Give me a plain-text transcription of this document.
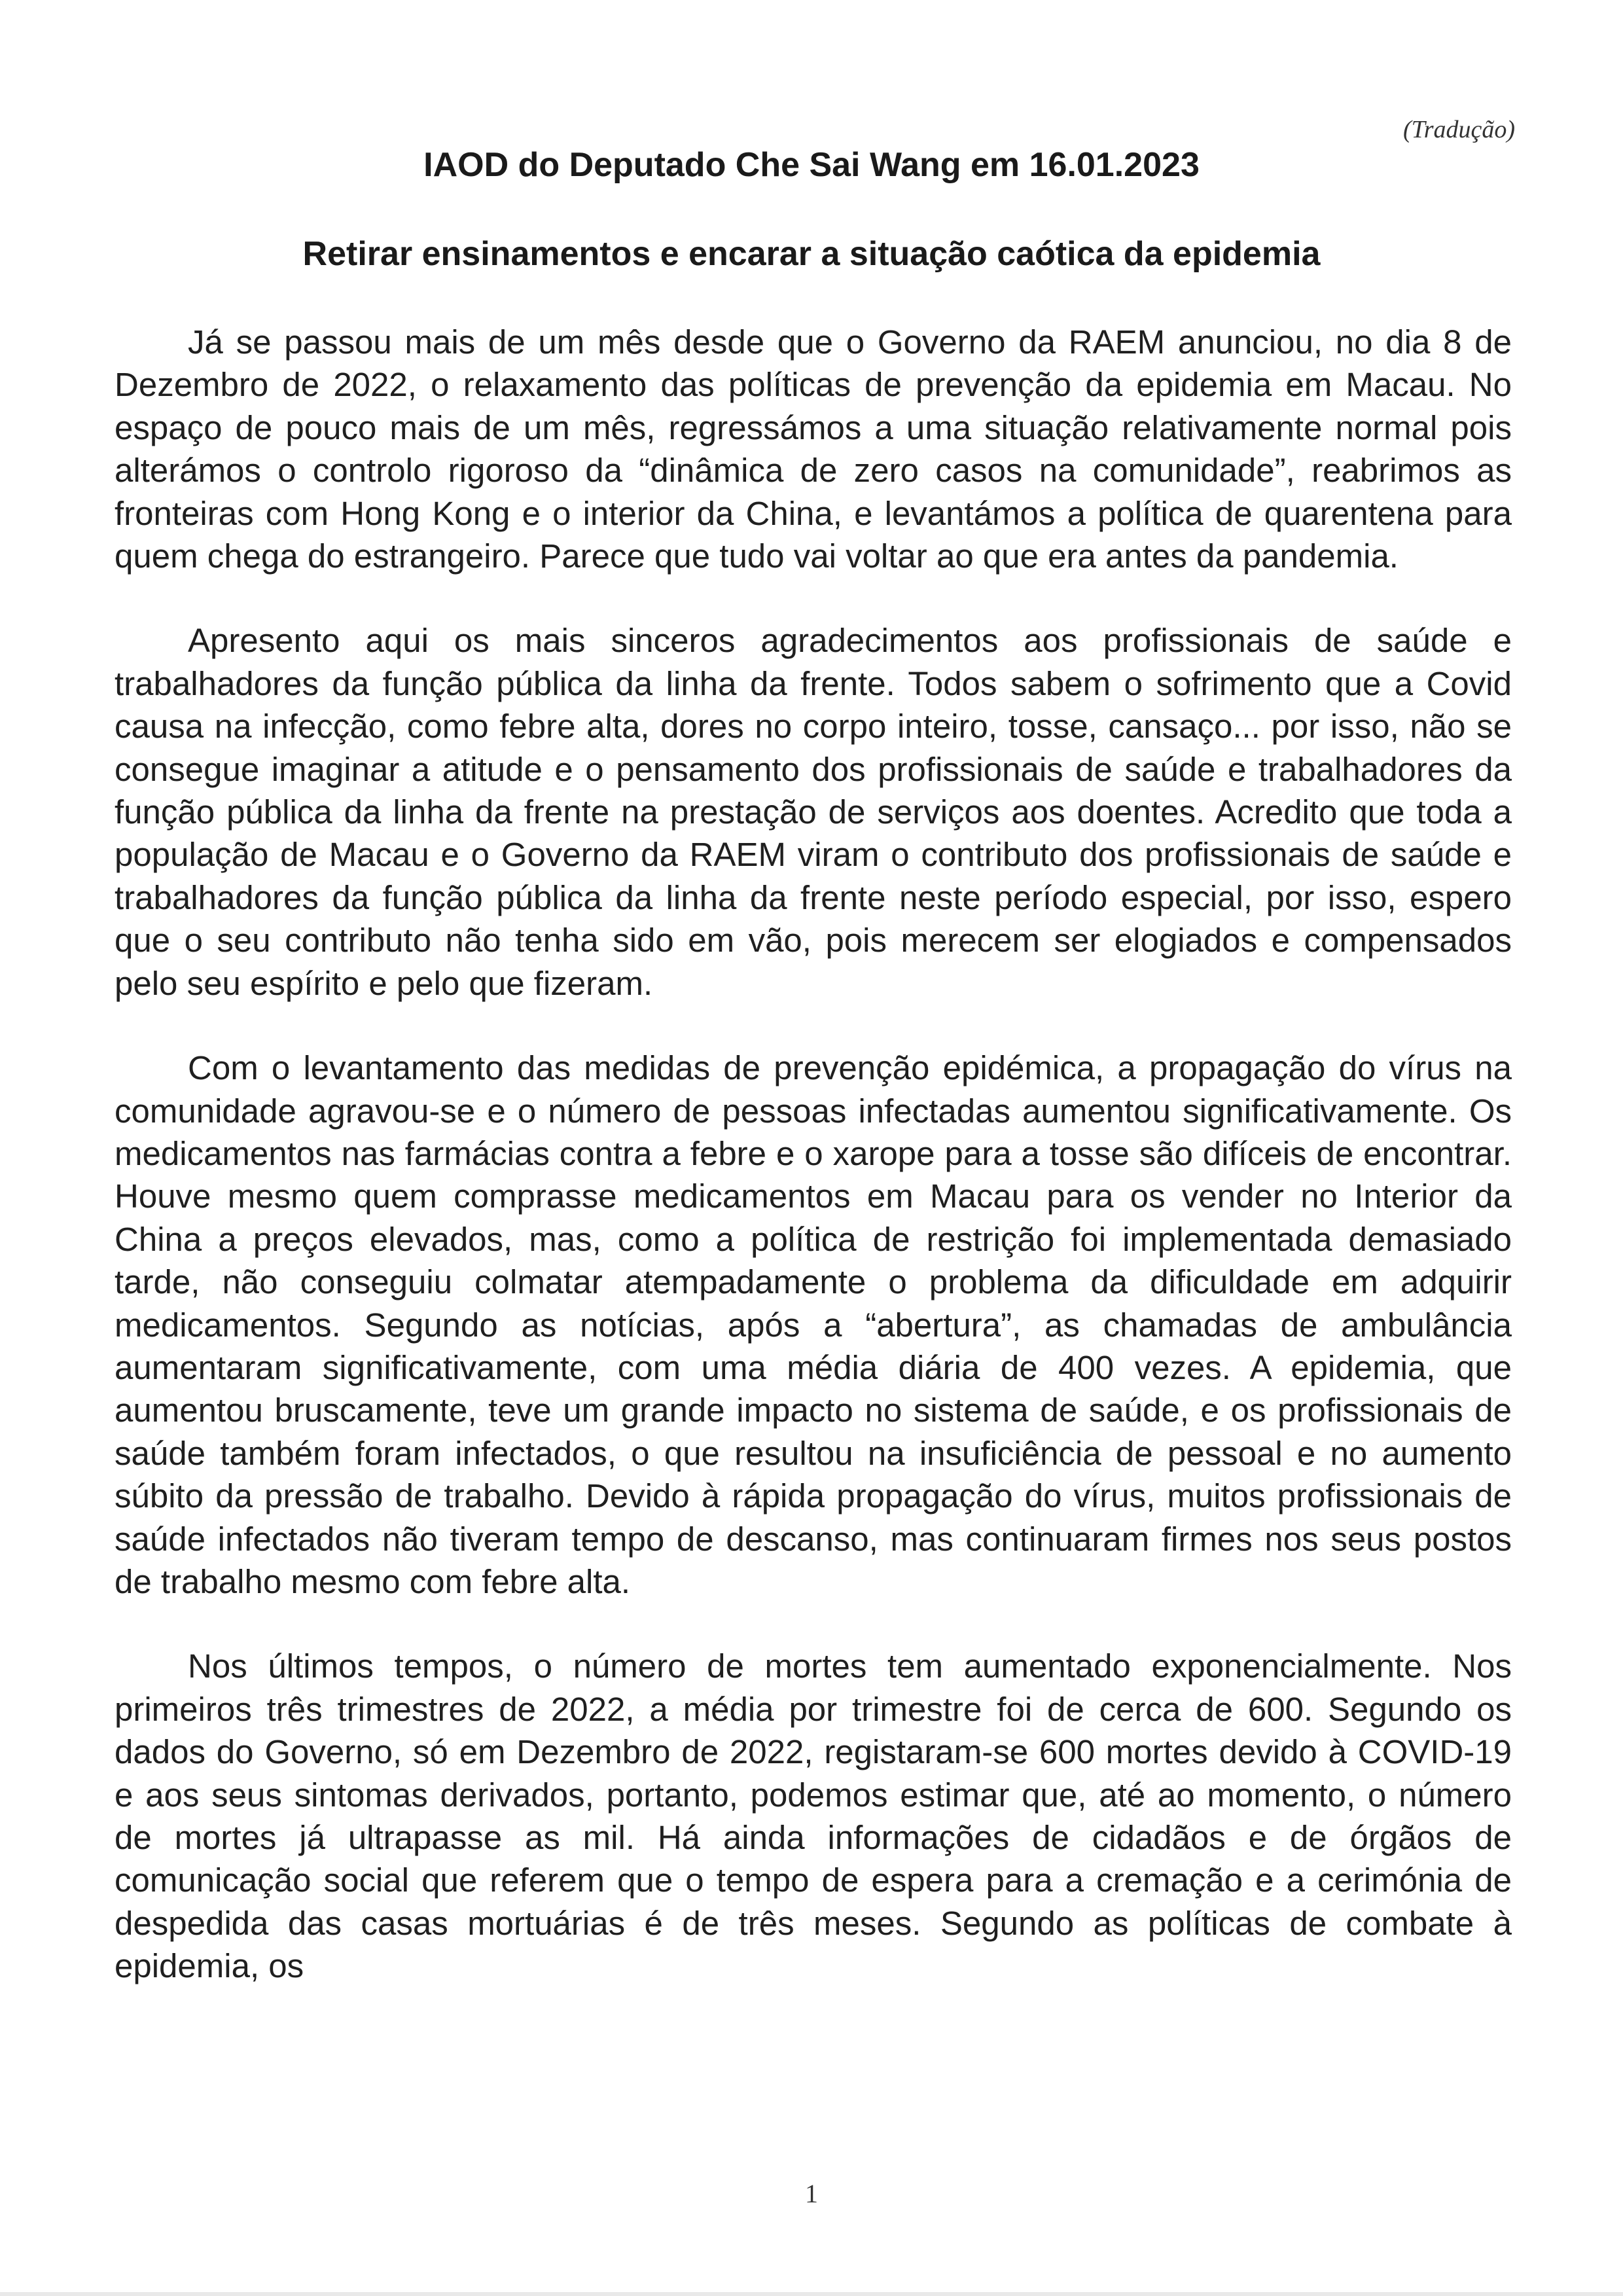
(Tradução)
IAOD do Deputado Che Sai Wang em 16.01.2023
Retirar ensinamentos e encarar a situação caótica da epidemia

Já se passou mais de um mês desde que o Governo da RAEM anunciou, no dia 8 de Dezembro de 2022, o relaxamento das políticas de prevenção da epidemia em Macau. No espaço de pouco mais de um mês, regressámos a uma situação relativamente normal pois alterámos o controlo rigoroso da “dinâmica de zero casos na comunidade”, reabrimos as fronteiras com Hong Kong e o interior da China, e levantámos a política de quarentena para quem chega do estrangeiro. Parece que tudo vai voltar ao que era antes da pandemia.

Apresento aqui os mais sinceros agradecimentos aos profissionais de saúde e trabalhadores da função pública da linha da frente. Todos sabem o sofrimento que a Covid causa na infecção, como febre alta, dores no corpo inteiro, tosse, cansaço... por isso, não se consegue imaginar a atitude e o pensamento dos profissionais de saúde e trabalhadores da função pública da linha da frente na prestação de serviços aos doentes. Acredito que toda a população de Macau e o Governo da RAEM viram o contributo dos profissionais de saúde e trabalhadores da função pública da linha da frente neste período especial, por isso, espero que o seu contributo não tenha sido em vão, pois merecem ser elogiados e compensados pelo seu espírito e pelo que fizeram.

Com o levantamento das medidas de prevenção epidémica, a propagação do vírus na comunidade agravou-se e o número de pessoas infectadas aumentou significativamente. Os medicamentos nas farmácias contra a febre e o xarope para a tosse são difíceis de encontrar. Houve mesmo quem comprasse medicamentos em Macau para os vender no Interior da China a preços elevados, mas, como a política de restrição foi implementada demasiado tarde, não conseguiu colmatar atempadamente o problema da dificuldade em adquirir medicamentos. Segundo as notícias, após a “abertura”, as chamadas de ambulância aumentaram significativamente, com uma média diária de 400 vezes. A epidemia, que aumentou bruscamente, teve um grande impacto no sistema de saúde, e os profissionais de saúde também foram infectados, o que resultou na insuficiência de pessoal e no aumento súbito da pressão de trabalho. Devido à rápida propagação do vírus, muitos profissionais de saúde infectados não tiveram tempo de descanso, mas continuaram firmes nos seus postos de trabalho mesmo com febre alta.

Nos últimos tempos, o número de mortes tem aumentado exponencialmente. Nos primeiros três trimestres de 2022, a média por trimestre foi de cerca de 600. Segundo os dados do Governo, só em Dezembro de 2022, registaram-se 600 mortes devido à COVID-19 e aos seus sintomas derivados, portanto, podemos estimar que, até ao momento, o número de mortes já ultrapasse as mil. Há ainda informações de cidadãos e de órgãos de comunicação social que referem que o tempo de espera para a cremação e a cerimónia de despedida das casas mortuárias é de três meses. Segundo as políticas de combate à epidemia, os

1
